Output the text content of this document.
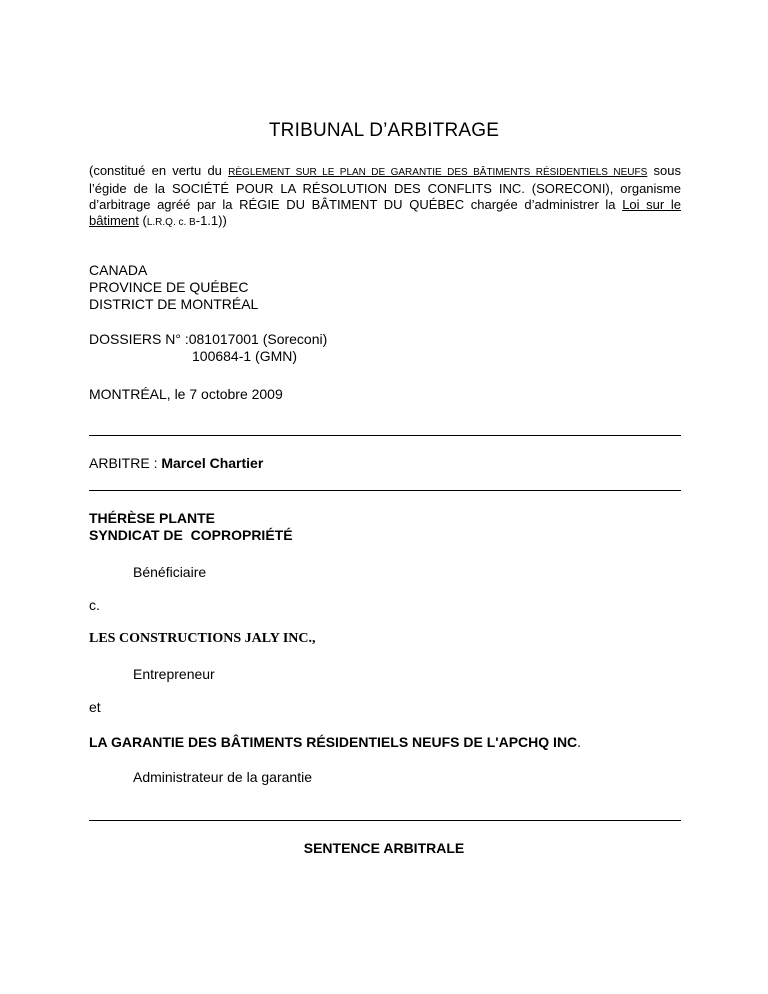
TRIBUNAL D’ARBITRAGE
(constitué en vertu du RÈGLEMENT SUR LE PLAN DE GARANTIE DES BÂTIMENTS RÉSIDENTIELS NEUFS sous l’égide de la SOCIÉTÉ POUR LA RÉSOLUTION DES CONFLITS INC. (SORECONI), organisme d’arbitrage agréé par la RÉGIE DU BÂTIMENT DU QUÉBEC chargée d’administrer la Loi sur le bâtiment (L.R.Q. c. B-1.1))
CANADA
PROVINCE DE QUÉBEC
DISTRICT DE MONTRÉAL
DOSSIERS N° :081017001 (Soreconi)
100684-1 (GMN)
MONTRÉAL, le 7 octobre 2009
ARBITRE : Marcel Chartier
THÉRÈSE PLANTE
SYNDICAT DE  COPROPRIÉTÉ
Bénéficiaire
c.
LES CONSTRUCTIONS JALY INC.,
Entrepreneur
et
LA GARANTIE DES BÂTIMENTS RÉSIDENTIELS NEUFS DE L'APCHQ INC.
Administrateur de la garantie
SENTENCE ARBITRALE
